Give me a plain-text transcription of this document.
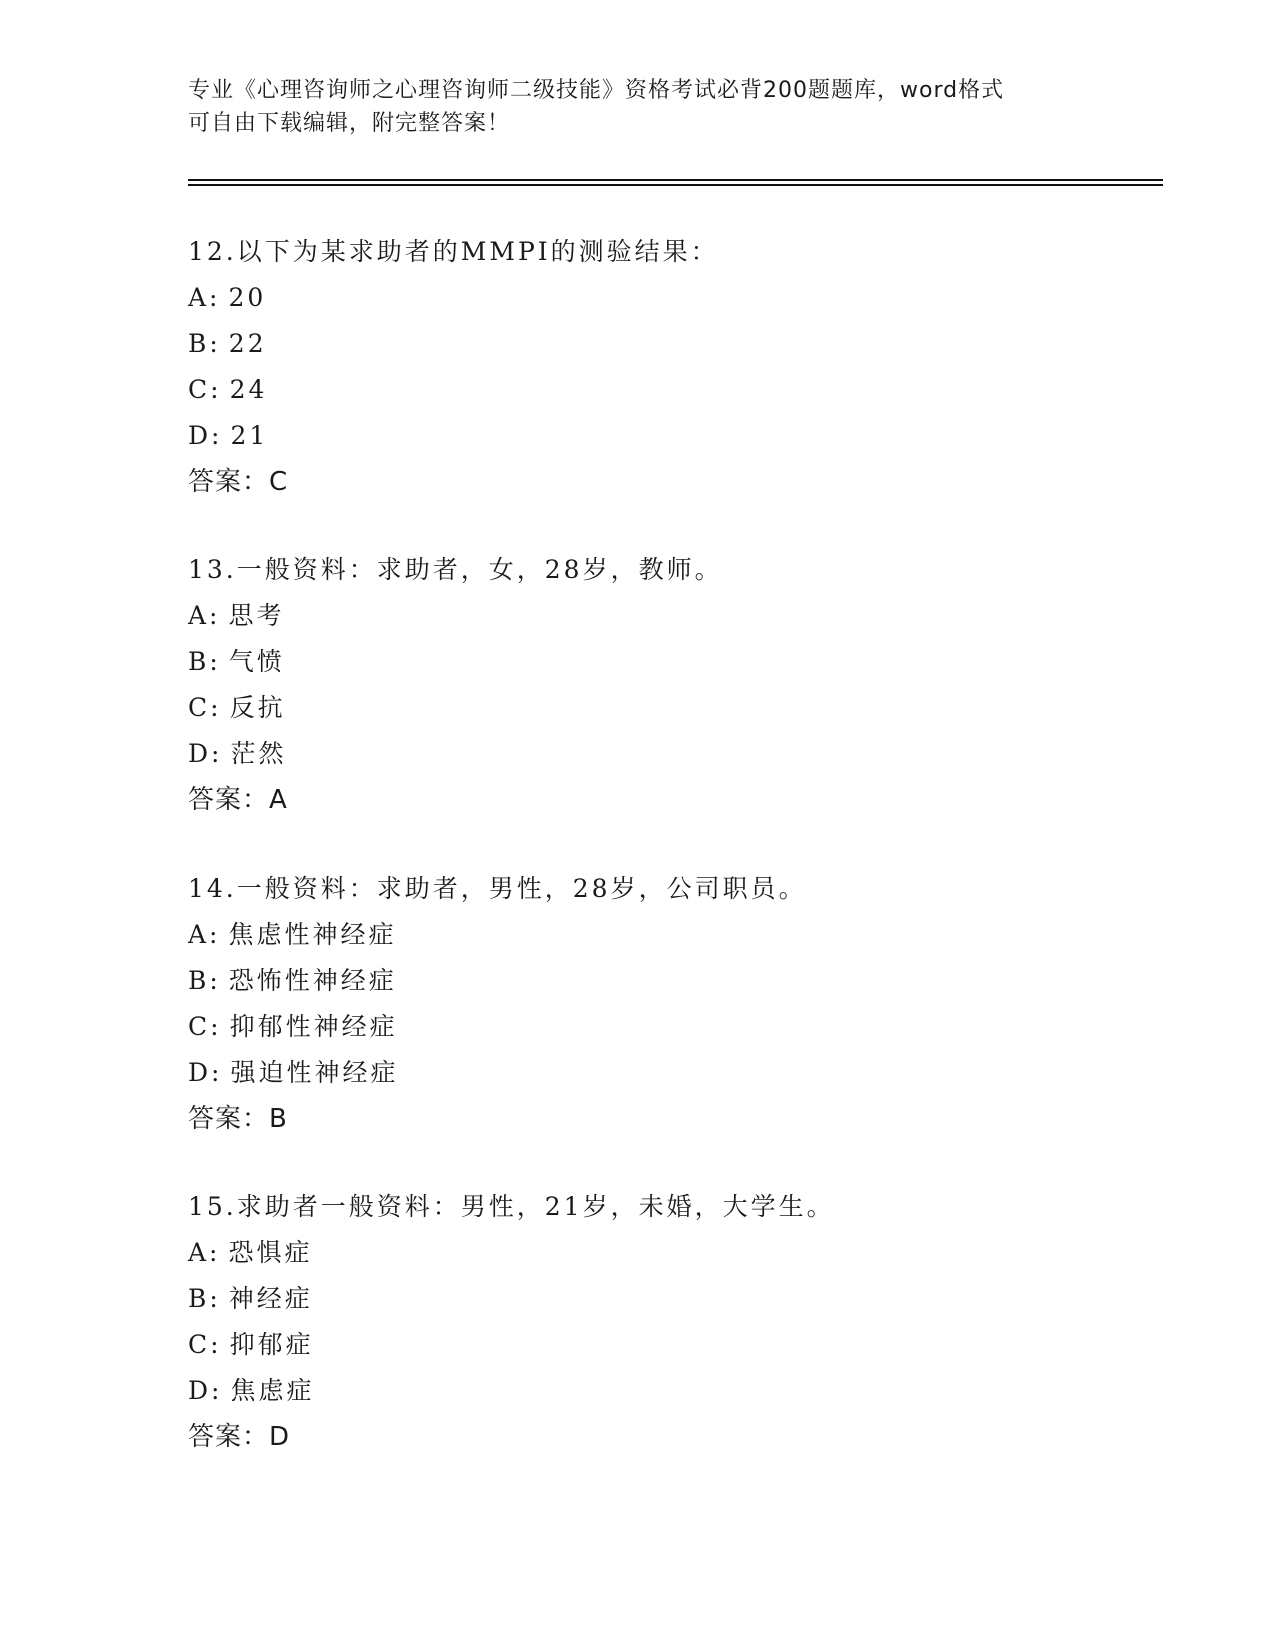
专业《心理咨询师之心理咨询师二级技能》资格考试必背200题题库，word格式
可自由下载编辑，附完整答案！
12.以下为某求助者的MMPI的测验结果：
A: 20
B: 22
C: 24
D: 21
答案：C
13.一般资料：求助者，女，28岁，教师。
A: 思考
B: 气愤
C: 反抗
D: 茫然
答案：A
14.一般资料：求助者，男性，28岁，公司职员。
A: 焦虑性神经症
B: 恐怖性神经症
C: 抑郁性神经症
D: 强迫性神经症
答案：B
15.求助者一般资料：男性，21岁，未婚，大学生。
A: 恐惧症
B: 神经症
C: 抑郁症
D: 焦虑症
答案：D
